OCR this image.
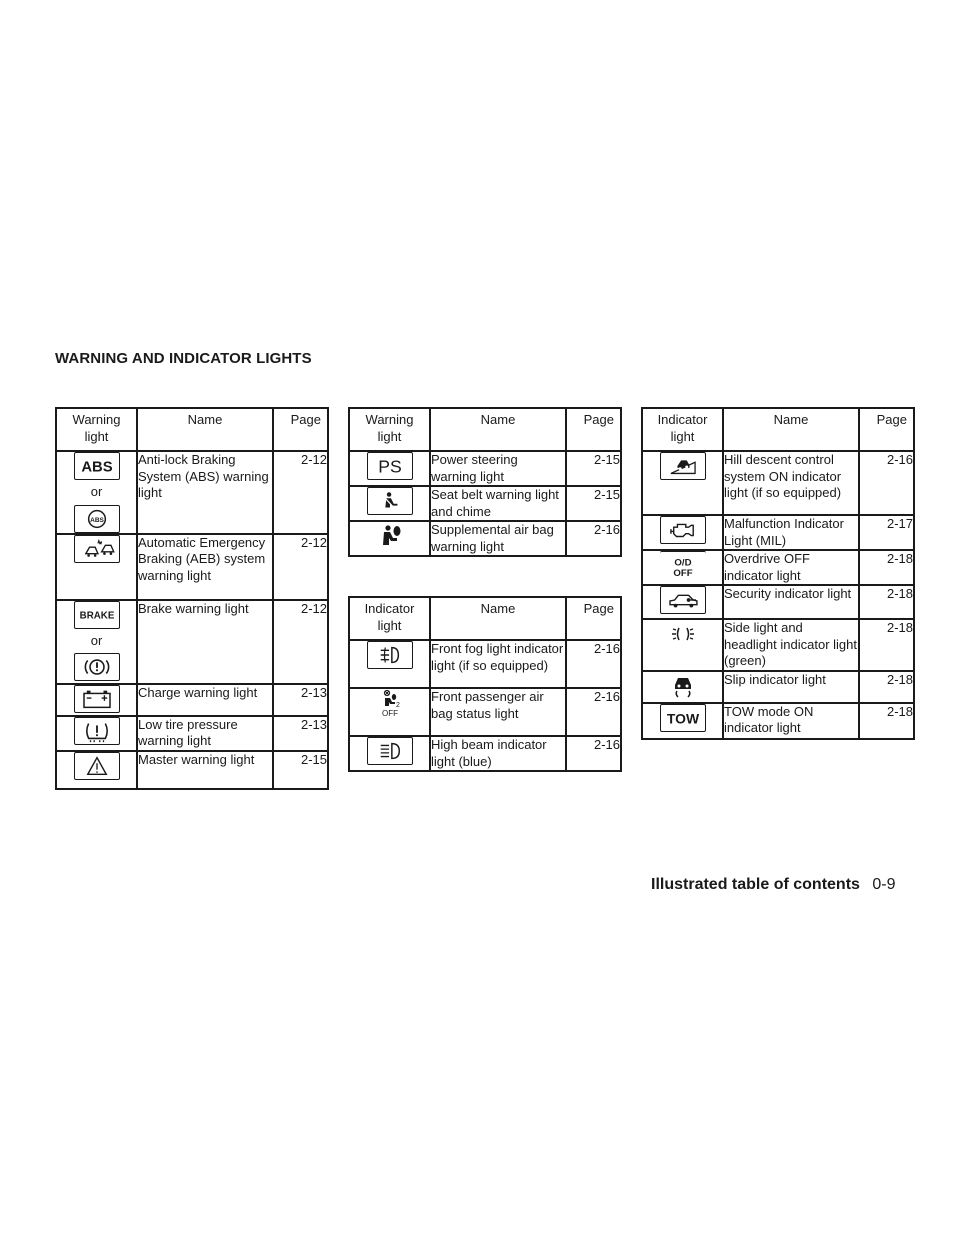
WARNING AND INDICATOR LIGHTS
Warning light	Name	Page

ABS
or
ABS	Anti-lock Braking System (ABS) warning light	2-12

	Automatic Emergency Braking (AEB) system warning light	2-12

BRAKE
or	Brake warning light	2-12

	Charge warning light	2-13

	Low tire pressure warning light	2-13

	Master warning light	2-15
Warning light	Name	Page

PS	Power steering warning light	2-15

	Seat belt warning light and chime	2-15

	Supplemental air bag warning light	2-16
Indicator light	Name	Page

	Front fog light indicator light (if so equipped)	2-16

2
OFF	Front passenger air bag status light	2-16

	High beam indicator light (blue)	2-16
Indicator light	Name	Page

	Hill descent control system ON indicator light (if so equipped)	2-16

	Malfunction Indicator Light (MIL)	2-17

O/D OFF	Overdrive OFF indicator light	2-18

	Security indicator light	2-18

	Side light and headlight indicator light (green)	2-18

	Slip indicator light	2-18

TOW	TOW mode ON indicator light	2-18
Illustrated table of contents 0-9
